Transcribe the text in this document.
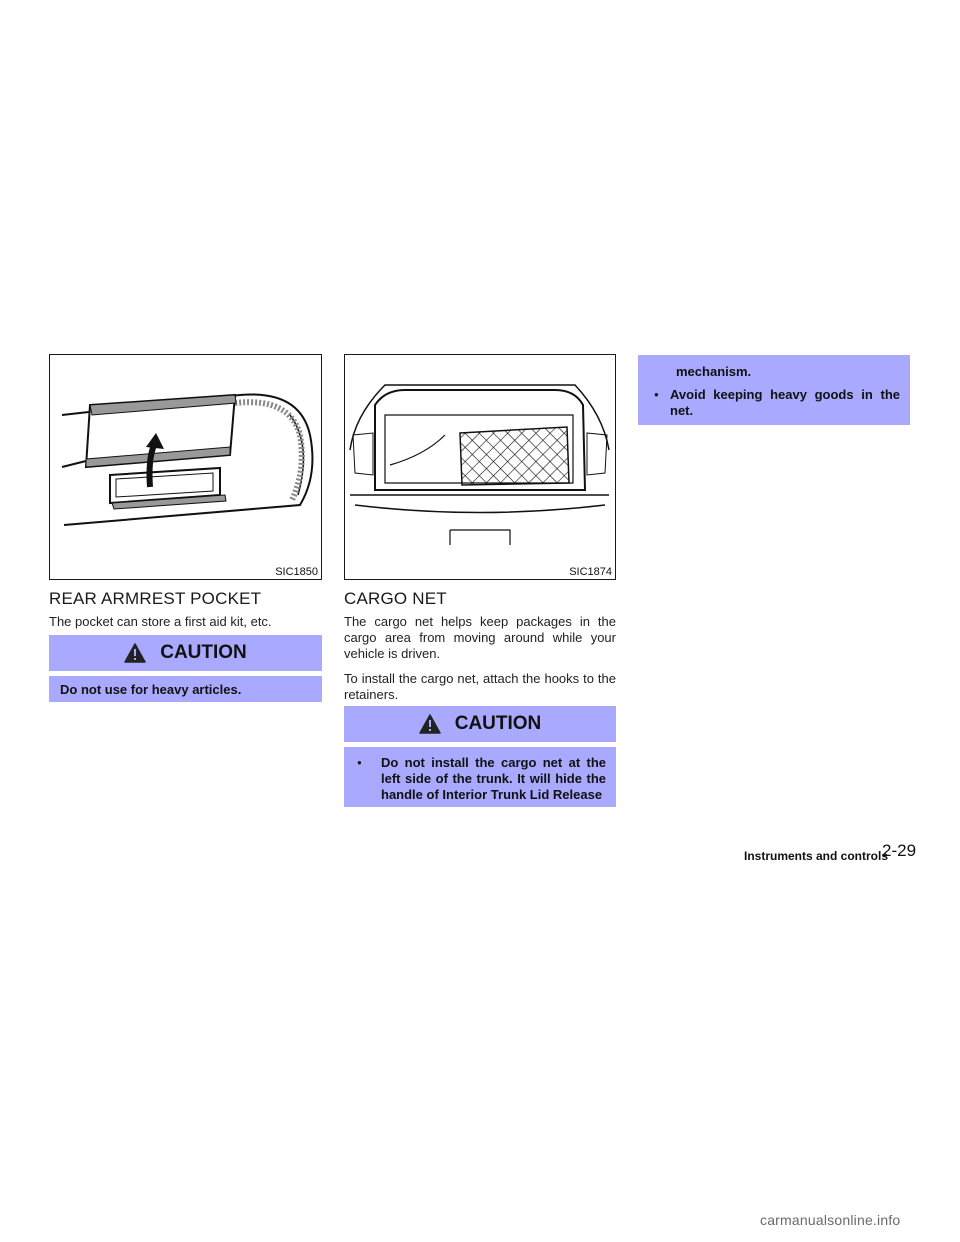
SIC1850	SIC1874
mechanism.
● Avoid keeping heavy goods in the net.
REAR ARMREST POCKET
The pocket can store a first aid kit, etc.
CAUTION
Do not use for heavy articles.
CARGO NET
The cargo net helps keep packages in the cargo area from moving around while your vehicle is driven.
To install the cargo net, attach the hooks to the retainers.
CAUTION
●	Do not install the cargo net at the left side of the trunk. It will hide the handle of Interior Trunk Lid Release
Instruments and controls
2-29
carmanualsonline.info
